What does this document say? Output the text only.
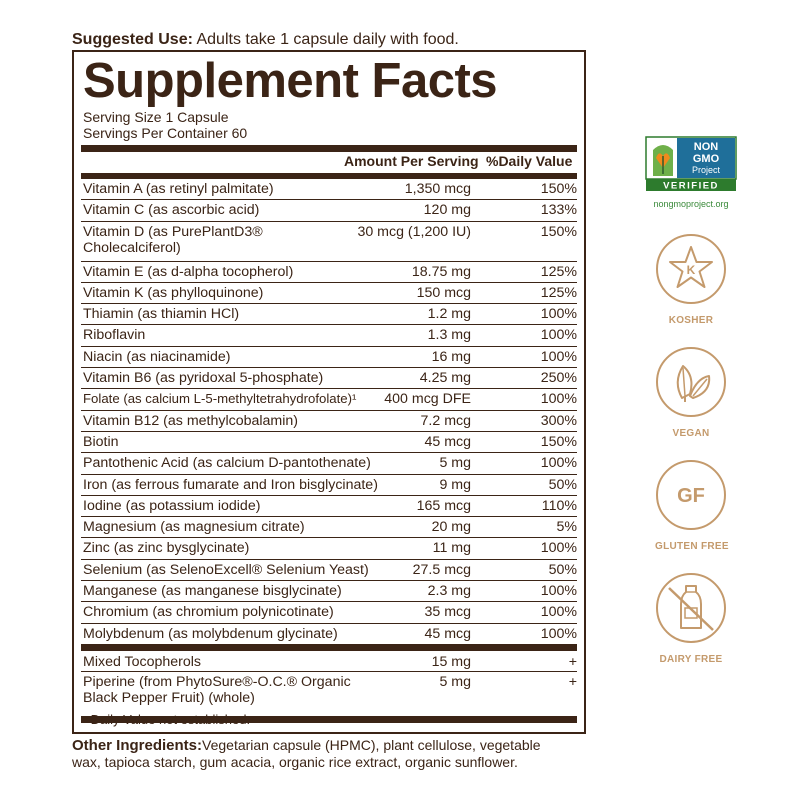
Suggested Use: Adults take 1 capsule daily with food.
Supplement Facts
Serving Size 1 Capsule
Servings Per Container 60
Amount Per Serving %Daily Value
Vitamin A (as retinyl palmitate)	1,350 mcg	150%
Vitamin C (as ascorbic acid)	120 mg	133%
Vitamin D (as PurePlantD3® Cholecalciferol)
30 mcg (1,200 IU)	150%
Vitamin E (as d-alpha tocopherol)	18.75 mg	125%
Vitamin K (as phylloquinone)	150 mcg	125%
Thiamin (as thiamin HCl)	1.2 mg	100%
Riboflavin	1.3 mg	100%
Niacin (as niacinamide)	16 mg	100%
Vitamin B6 (as pyridoxal 5-phosphate)	4.25 mg	250%
Folate (as calcium L-5-methyltetrahydrofolate)¹ 400 mcg DFE	100%
Vitamin B12 (as methylcobalamin)	7.2 mcg	300%
Biotin	45 mcg	150%
Pantothenic Acid (as calcium D-pantothenate)	5 mg	100%
Iron (as ferrous fumarate and Iron bisglycinate)	9 mg	50%
Iodine (as potassium iodide)	165 mcg	110%
Magnesium (as magnesium citrate)	20 mg	5%
Zinc (as zinc bysglycinate)	11 mg	100%
Selenium (as SelenoExcell® Selenium Yeast)	27.5 mcg	50%
Manganese (as manganese bisglycinate)	2.3 mg	100%
Chromium (as chromium polynicotinate)	35 mcg	100%
Molybdenum (as molybdenum glycinate)	45 mcg	100%
Mixed Tocopherols	15 mg	+
Piperine (from PhytoSure®-O.C.® Organic Black Pepper Fruit) (whole)
5 mg	+
+Daily Value not established.
Other Ingredients:Vegetarian capsule (HPMC), plant cellulose, vegetable wax, tapioca starch, gum acacia, organic rice extract, organic sunflower.
NON
GMO
Project
VERIFIED
nongmoproject.org
K
KOSHER
VEGAN
GF
GLUTEN FREE
DAIRY FREE
